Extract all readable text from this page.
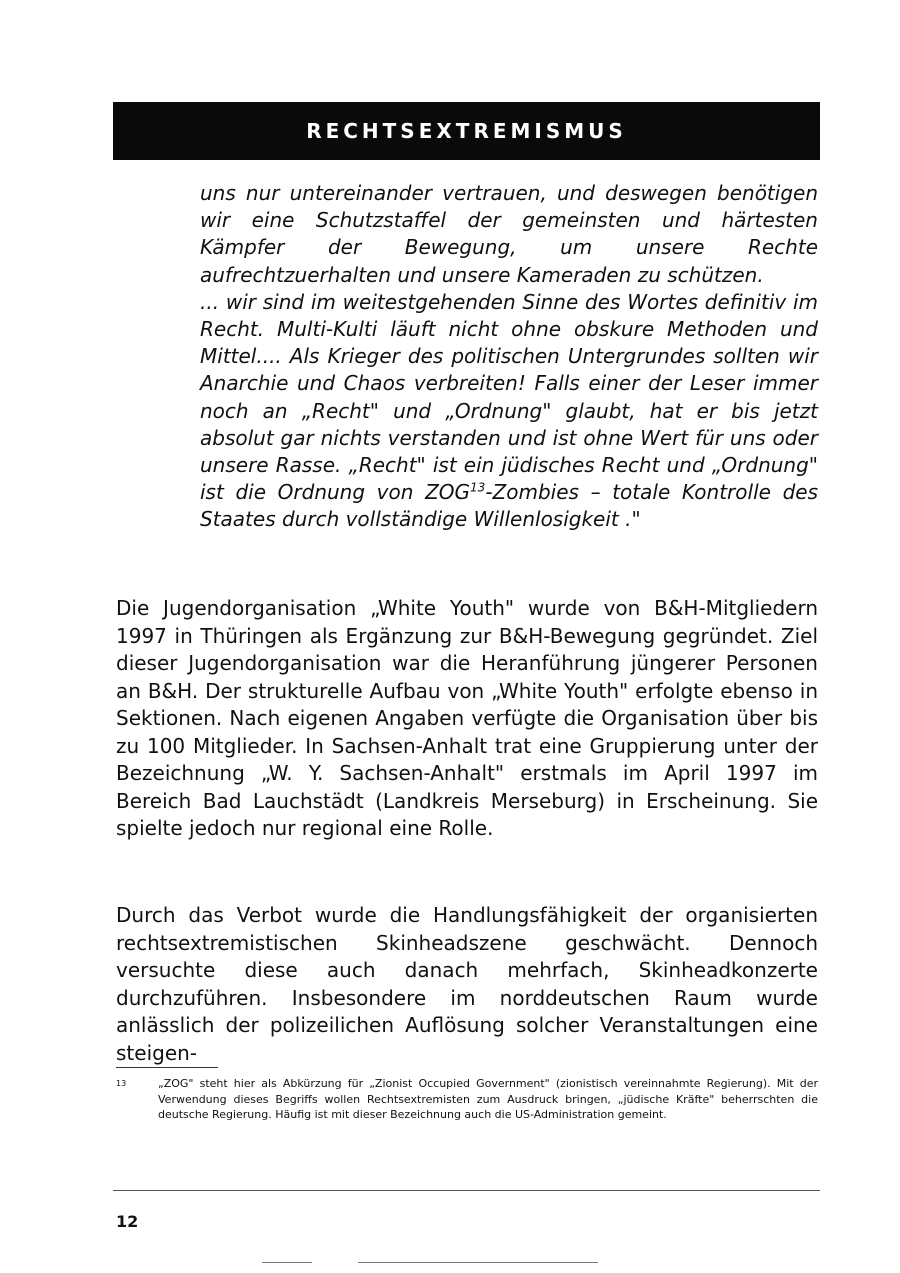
RECHTSEXTREMISMUS

uns nur untereinander vertrauen, und deswegen benötigen wir eine Schutzstaffel der gemeinsten und härtesten Kämpfer der Bewegung, um unsere Rechte aufrechtzuerhalten und unsere Kameraden zu schützen.

... wir sind im weitestgehenden Sinne des Wortes definitiv im Recht. Multi-Kulti läuft nicht ohne obskure Methoden und Mittel.... Als Krieger des politischen Untergrundes sollten wir Anarchie und Chaos verbreiten! Falls einer der Leser immer noch an „Recht" und „Ordnung" glaubt, hat er bis jetzt absolut gar nichts verstanden und ist ohne Wert für uns oder unsere Rasse. „Recht" ist ein jüdisches Recht und „Ordnung" ist die Ordnung von ZOG$^{13}$-Zombies – totale Kontrolle des Staates durch vollständige Willenlosigkeit ."

Die Jugendorganisation „White Youth" wurde von B&H-Mitgliedern 1997 in Thüringen als Ergänzung zur B&H-Bewegung gegründet. Ziel dieser Jugendorganisation war die Heranführung jüngerer Personen an B&H. Der strukturelle Aufbau von „White Youth" erfolgte ebenso in Sektionen. Nach eigenen Angaben verfügte die Organisation über bis zu 100 Mitglieder. In Sachsen-Anhalt trat eine Gruppierung unter der Bezeichnung „W. Y. Sachsen-Anhalt" erstmals im April 1997 im Bereich Bad Lauchstädt (Landkreis Merseburg) in Erscheinung. Sie spielte jedoch nur regional eine Rolle.

Durch das Verbot wurde die Handlungsfähigkeit der organisierten rechtsextremistischen Skinheadszene geschwächt. Dennoch versuchte diese auch danach mehrfach, Skinheadkonzerte durchzuführen. Insbesondere im norddeutschen Raum wurde anlässlich der polizeilichen Auflösung solcher Veranstaltungen eine steigen-

13	„ZOG" steht hier als Abkürzung für „Zionist Occupied Government" (zionistisch vereinnahmte Regierung). Mit der Verwendung dieses Begriffs wollen Rechtsextremisten zum Ausdruck bringen, „jüdische Kräfte" beherrschten die deutsche Regierung. Häufig ist mit dieser Bezeichnung auch die US-Administration gemeint.
12
